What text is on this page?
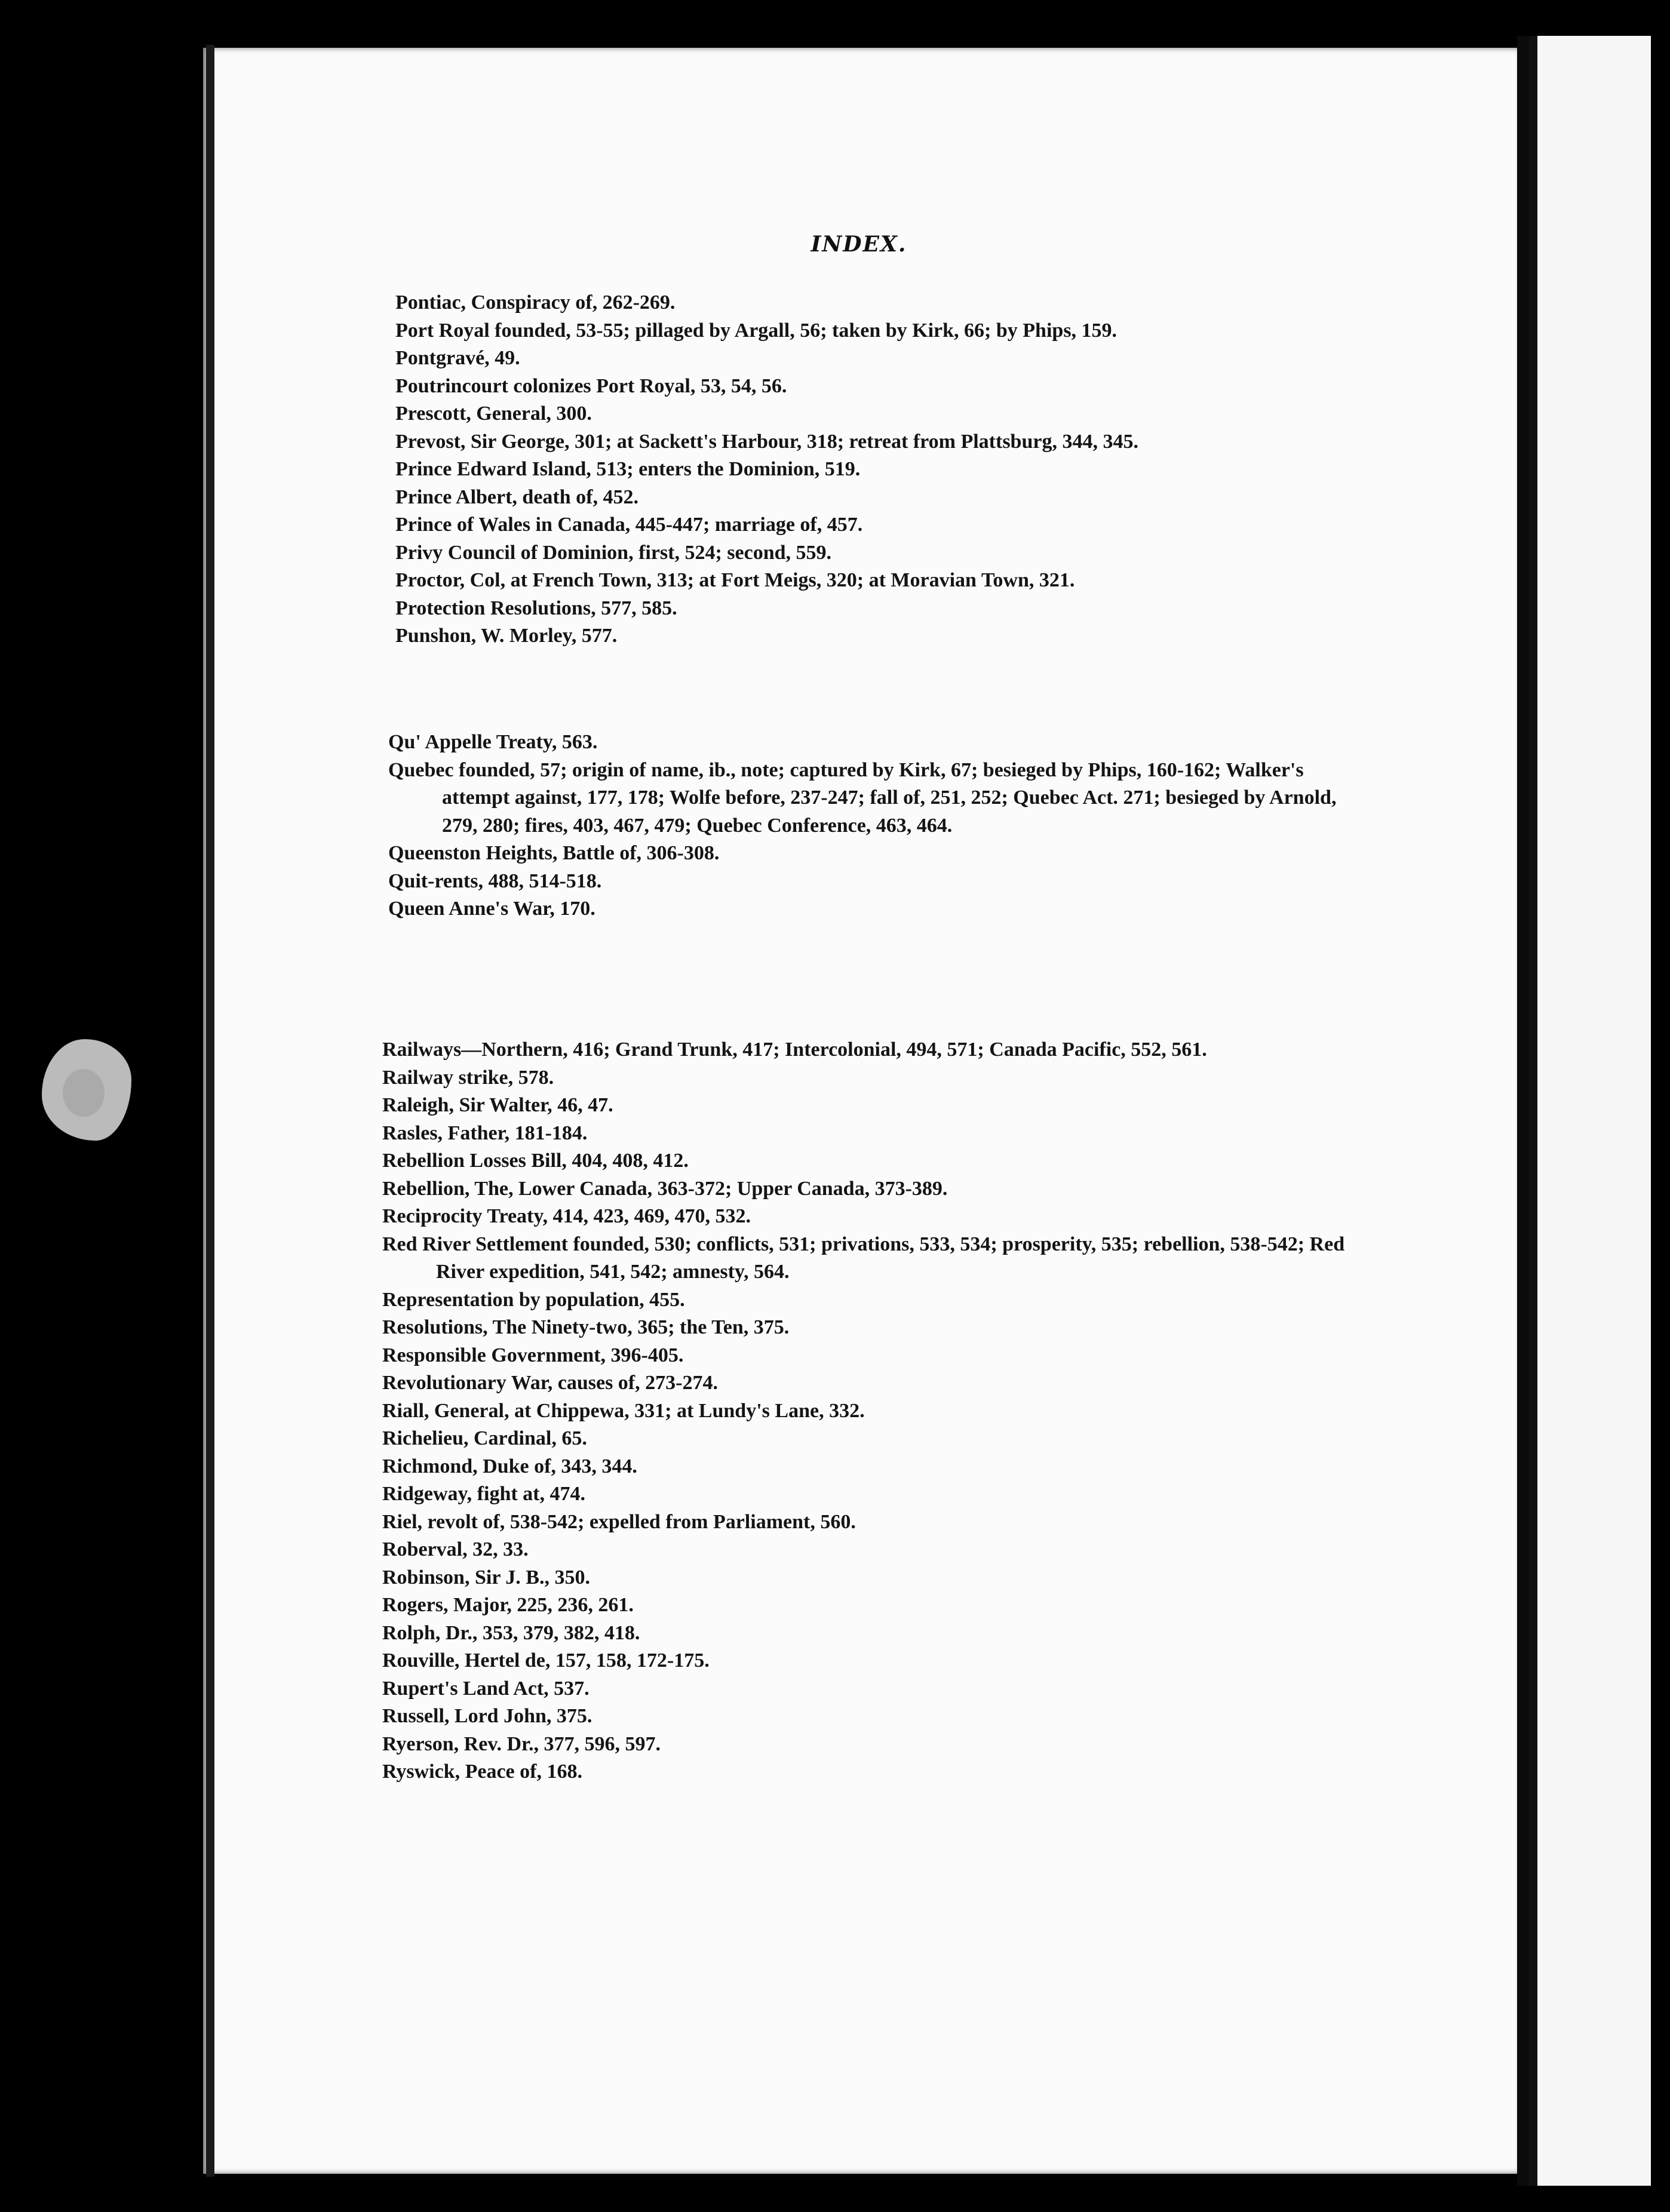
INDEX.

Pontiac, Conspiracy of, 262-269.

Port Royal founded, 53-55; pillaged by Argall, 56; taken by Kirk, 66; by Phips, 159.

Pontgravé, 49.

Poutrincourt colonizes Port Royal, 53, 54, 56.

Prescott, General, 300.

Prevost, Sir George, 301; at Sackett's Harbour, 318; retreat from Plattsburg, 344, 345.

Prince Edward Island, 513; enters the Dominion, 519.

Prince Albert, death of, 452.

Prince of Wales in Canada, 445-447; marriage of, 457.

Privy Council of Dominion, first, 524; second, 559.

Proctor, Col, at French Town, 313; at Fort Meigs, 320; at Moravian Town, 321.

Protection Resolutions, 577, 585.

Punshon, W. Morley, 577.

Qu' Appelle Treaty, 563.

Quebec founded, 57; origin of name, ib., note; captured by Kirk, 67; besieged by Phips, 160-162; Walker's attempt against, 177, 178; Wolfe before, 237-247; fall of, 251, 252; Quebec Act. 271; besieged by Arnold, 279, 280; fires, 403, 467, 479; Quebec Conference, 463, 464.

Queenston Heights, Battle of, 306-308.

Quit-rents, 488, 514-518.

Queen Anne's War, 170.

Railways—Northern, 416; Grand Trunk, 417; Intercolonial, 494, 571; Canada Pacific, 552, 561.

Railway strike, 578.

Raleigh, Sir Walter, 46, 47.

Rasles, Father, 181-184.

Rebellion Losses Bill, 404, 408, 412.

Rebellion, The, Lower Canada, 363-372; Upper Canada, 373-389.

Reciprocity Treaty, 414, 423, 469, 470, 532.

Red River Settlement founded, 530; conflicts, 531; privations, 533, 534; prosperity, 535; rebellion, 538-542; Red River expedition, 541, 542; amnesty, 564.

Representation by population, 455.

Resolutions, The Ninety-two, 365; the Ten, 375.

Responsible Government, 396-405.

Revolutionary War, causes of, 273-274.

Riall, General, at Chippewa, 331; at Lundy's Lane, 332.

Richelieu, Cardinal, 65.

Richmond, Duke of, 343, 344.

Ridgeway, fight at, 474.

Riel, revolt of, 538-542; expelled from Parliament, 560.

Roberval, 32, 33.

Robinson, Sir J. B., 350.

Rogers, Major, 225, 236, 261.

Rolph, Dr., 353, 379, 382, 418.

Rouville, Hertel de, 157, 158, 172-175.

Rupert's Land Act, 537.

Russell, Lord John, 375.

Ryerson, Rev. Dr., 377, 596, 597.

Ryswick, Peace of, 168.
